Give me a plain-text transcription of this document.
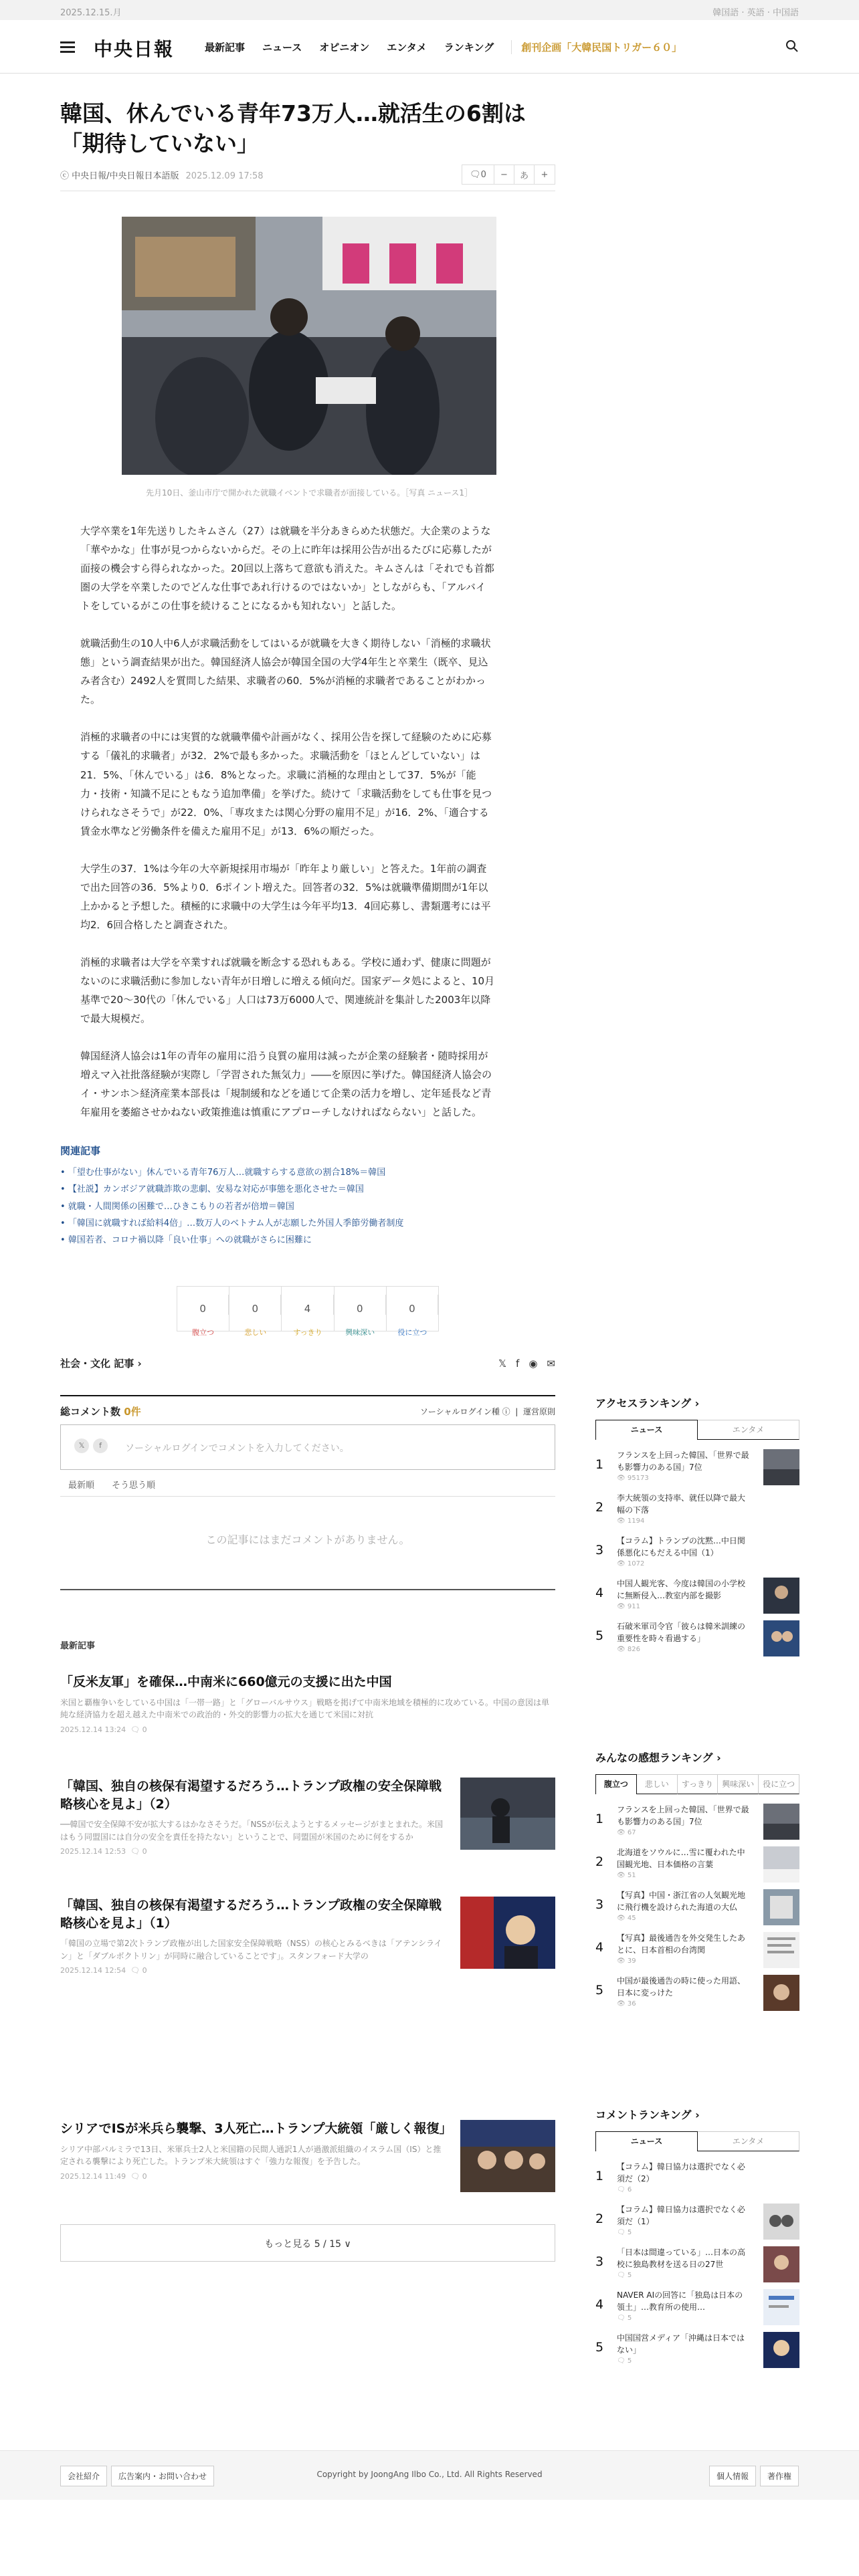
2025.12.15.月	韓国語 · 英語 · 中国語
中央日報	最新記事 ニュース オピニオン エンタメ ランキング	創刊企画「大韓民国トリガー６０」
韓国、休んでいる青年73万人…就活生の6割は「期待していない」
ⓒ 中央日報/中央日報日本語版 2025.12.09 17:58	🗨 0	−	あ	+
先月10日、釜山市庁で開かれた就職イベントで求職者が面接している。［写真 ニュース1］

大学卒業を1年先送りしたキムさん（27）は就職を半分あきらめた状態だ。大企業のような「華やかな」仕事が見つからないからだ。その上に昨年は採用公告が出るたびに応募したが面接の機会すら得られなかった。20回以上落ちて意欲も消えた。キムさんは「それでも首都圏の大学を卒業したのでどんな仕事であれ行けるのではないか」としながらも、「アルバイトをしているがこの仕事を続けることになるかも知れない」と話した。

就職活動生の10人中6人が求職活動をしてはいるが就職を大きく期待しない「消極的求職状態」という調査結果が出た。韓国経済人協会が韓国全国の大学4年生と卒業生（既卒、見込み者含む）2492人を質問した結果、求職者の60．5%が消極的求職者であることがわかった。

消極的求職者の中には実質的な就職準備や計画がなく、採用公告を探して経験のために応募する「儀礼的求職者」が32．2%で最も多かった。求職活動を「ほとんどしていない」は21．5%、「休んでいる」は6．8%となった。求職に消極的な理由として37．5%が「能力・技術・知識不足にともなう追加準備」を挙げた。続けて「求職活動をしても仕事を見つけられなさそうで」が22．0%、「専攻または関心分野の雇用不足」が16．2%、「適合する賃金水準など労働条件を備えた雇用不足」が13．6%の順だった。

大学生の37．1%は今年の大卒新規採用市場が「昨年より厳しい」と答えた。1年前の調査で出た回答の36．5%より0．6ポイント増えた。回答者の32．5%は就職準備期間が1年以上かかると予想した。積極的に求職中の大学生は今年平均13．4回応募し、書類選考には平均2．6回合格したと調査された。

消極的求職者は大学を卒業すれば就職を断念する恐れもある。学校に通わず、健康に問題がないのに求職活動に参加しない青年が日増しに増える傾向だ。国家データ処によると、10月基準で20～30代の「休んでいる」人口は73万6000人で、関連統計を集計した2003年以降で最大規模だ。

韓国経済人協会は1年の青年の雇用に沿う良質の雇用は減ったが企業の経験者・随時採用が増えマ入社批落経験が実際し「学習された無気力」――を原因に挙げた。韓国経済人協会のイ・サンホ＞経済産業本部長は「規制緩和などを通じて企業の活力を増し、定年延長など青年雇用を萎縮させかねない政策推進は慎重にアプローチしなければならない」と話した。

関連記事
• 「望む仕事がない」休んでいる青年76万人…就職すらする意欲の割合18%＝韓国
• 【社説】カンボジア就職詐欺の悲劇、安易な対応が事態を悪化させた＝韓国
• 就職・人間関係の困難で…ひきこもりの若者が倍増＝韓国
• 「韓国に就職すれば給料4倍」…数万人のベトナム人が志願した外国人季節労働者制度
• 韓国若者、コロナ禍以降「良い仕事」への就職がさらに困難に
0
腹立つ
0
悲しい
4
すっきり
0
興味深い
0
役に立つ
社会・文化 記事 ›	𝕏 f ◉ ✉
総コメント数 0件	ソーシャルログイン種 ⓘ  |  運営原則
𝕏	f	ソーシャルログインでコメントを入力してください。
最新順 そう思う順
この記事にはまだコメントがありません。
最新記事
「反米友軍」を確保…中南米に660億元の支援に出た中国

米国と覇権争いをしている中国は「一帯一路」と「グローバルサウス」戦略を掲げて中南米地域を積極的に攻めている。中国の意図は単純な経済協力を超え越えた中南米での政治的・外交的影響力の拡大を通じて米国に対抗

2025.12.14 13:24 🗨 0
「韓国、独自の核保有渇望するだろう…トランプ政権の安全保障戦略核心を見よ」（2）

──韓国で安全保障不安が拡大するはかなさそうだ。「NSSが伝えようとするメッセージがまとまれた。米国はもう同盟国には自分の安全を責任を持たない」ということで、同盟国が米国のために何をするか

2025.12.14 12:53 🗨 0
「韓国、独自の核保有渇望するだろう…トランプ政権の安全保障戦略核心を見よ」（1）

「韓国の立場で第2次トランプ政権が出した国家安全保障戦略（NSS）の核心とみるべきは「アテンシライン」と「ダブルボクトリン」が同時に融合していることです」。スタンフォード大学の

2025.12.14 12:54 🗨 0
シリアでISが米兵ら襲撃、3人死亡…トランプ大統領「厳しく報復」

シリア中部パルミラで13日、米軍兵士2人と米国籍の民間人通訳1人が過激派組織のイスラム国（IS）と推定される襲撃により死亡した。トランプ米大統領はすぐ「強力な報復」を予告した。

2025.12.14 11:49 🗨 0
もっと見る 5 / 15 ∨
アクセスランキング ›
ニュース	エンタメ
1
フランスを上回った韓国、「世界で最も影響力のある国」7位
👁 95173
2
李大統領の支持率、就任以降で最大幅の下落
👁 1194
3
【コラム】トランプの沈黙…中日関係悪化にもだえる中国（1）
👁 1072
4
中国人観光客、今度は韓国の小学校に無断侵入…教室内部を撮影
👁 911
5
石破米軍司令官「彼らは韓米訓練の重要性を時々看過する」
👁 826
みんなの感想ランキング ›
腹立つ	悲しい	すっきり	興味深い	役に立つ
1
フランスを上回った韓国、「世界で最も影響力のある国」7位
👁 67
2
北海道をソウルに…雪に覆われた中国観光地、日本価格の言葉
👁 51
3
【写真】中国・浙江省の人気観光地に飛行機を設けられた海道の大仏
👁 45
4
【写真】最後通告を外交発生したあとに、日本首相の台湾関
👁 39
5
中国が最後通告の時に使った用語、日本に変っけた
👁 36
コメントランキング ›
ニュース	エンタメ
1
【コラム】韓日協力は選択でなく必須だ（2）
🗨 6
2
【コラム】韓日協力は選択でなく必須だ（1）
🗨 5
3
「日本は間違っている」…日本の高校に独島教材を送る日の27世
🗨 5
4
NAVER AIの回答に「独島は日本の領土」…教育所の使用…
🗨 5
5
中国国営メディア「沖縄は日本ではない」
🗨 5
会社紹介	広告案内・お問い合わせ	Copyright by JoongAng Ilbo Co., Ltd. All Rights Reserved	個人情報	著作権
